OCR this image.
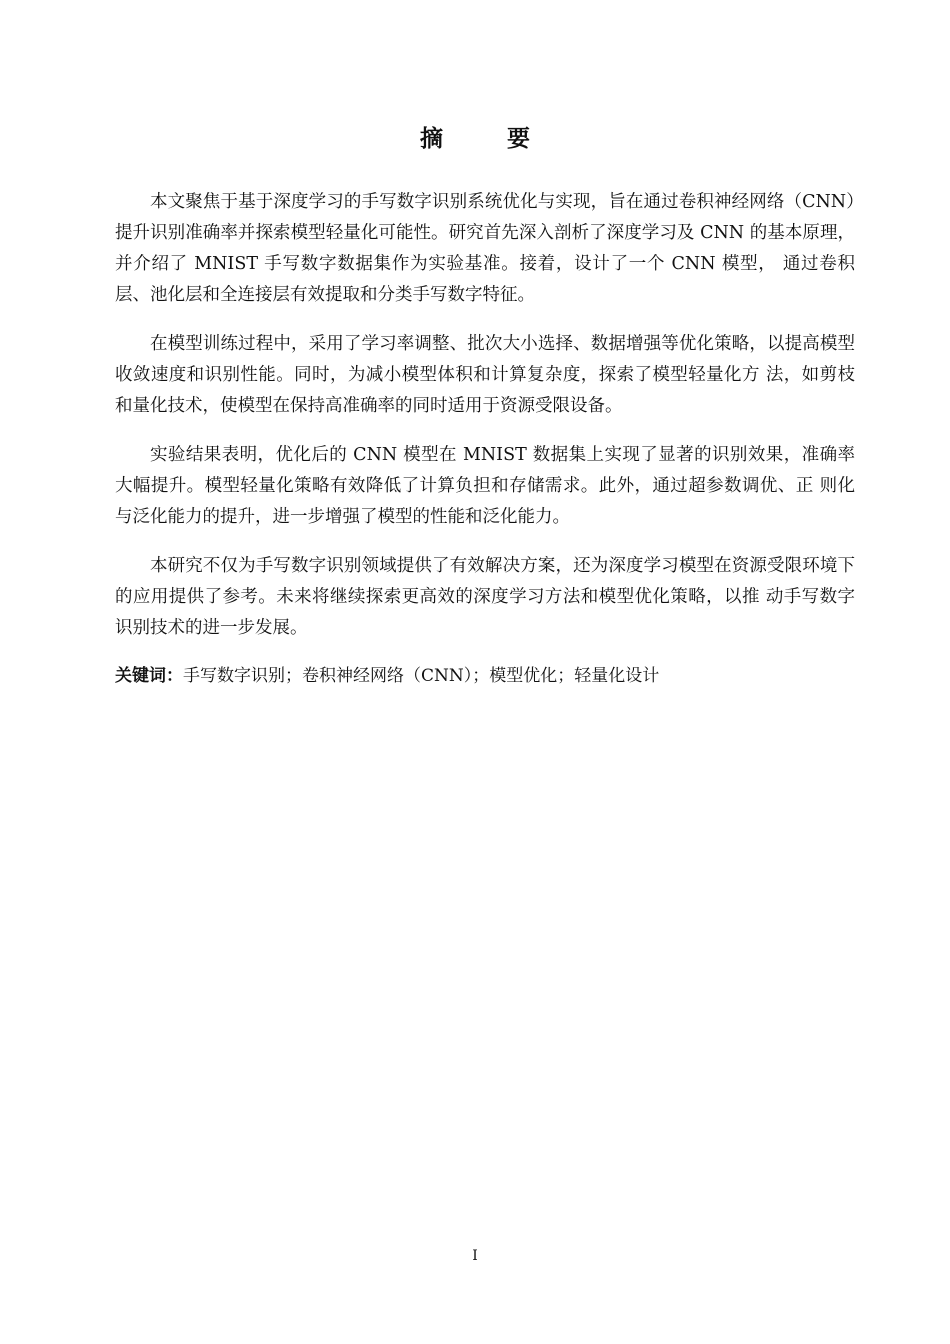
摘 要

本文聚焦于基于深度学习的手写数字识别系统优化与实现，旨在通过卷积神经网络（CNN）提升识别准确率并探索模型轻量化可能性。研究首先深入剖析了深度学习及 CNN 的基本原理，并介绍了 MNIST 手写数字数据集作为实验基准。接着，设计了一个 CNN 模型， 通过卷积层、池化层和全连接层有效提取和分类手写数字特征。

在模型训练过程中，采用了学习率调整、批次大小选择、数据增强等优化策略，以提高模型收敛速度和识别性能。同时，为减小模型体积和计算复杂度，探索了模型轻量化方 法，如剪枝和量化技术，使模型在保持高准确率的同时适用于资源受限设备。

实验结果表明，优化后的 CNN 模型在 MNIST 数据集上实现了显著的识别效果，准确率 大幅提升。模型轻量化策略有效降低了计算负担和存储需求。此外，通过超参数调优、正 则化与泛化能力的提升，进一步增强了模型的性能和泛化能力。

本研究不仅为手写数字识别领域提供了有效解决方案，还为深度学习模型在资源受限环境下的应用提供了参考。未来将继续探索更高效的深度学习方法和模型优化策略，以推 动手写数字识别技术的进一步发展。

关键词：手写数字识别；卷积神经网络（CNN）；模型优化；轻量化设计

I
